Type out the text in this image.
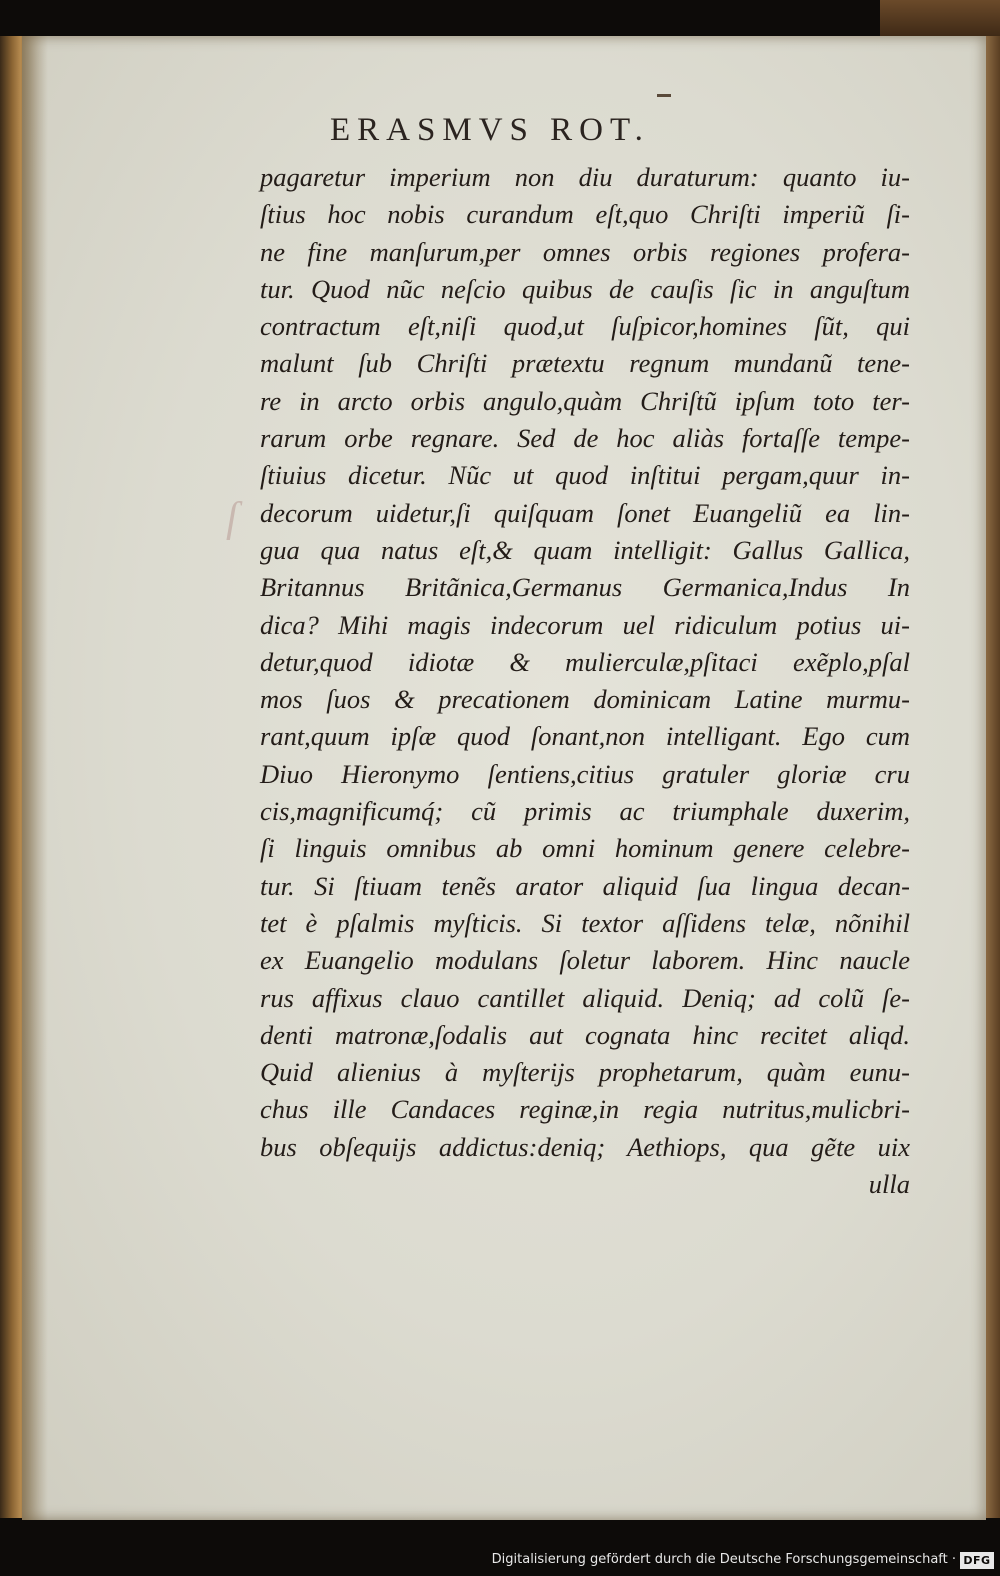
ERASMVS ROT.
ſ
pagaretur imperium non diu duraturum: quanto iu-
ſtius hoc nobis curandum eſt,quo Chriſti imperiũ ſi-
ne fine manſurum,per omnes orbis regiones profera-
tur. Quod nũc neſcio quibus de cauſis ſic in anguſtum
contractum eſt,niſi quod,ut ſuſpicor,homines ſũt, qui
malunt ſub Chriſti prætextu regnum mundanũ tene-
re in arcto orbis angulo,quàm Chriſtũ ipſum toto ter-
rarum orbe regnare. Sed de hoc aliàs fortaſſe tempe-
ſtiuius dicetur. Nũc ut quod inſtitui pergam,quur in-
decorum uidetur,ſi quiſquam ſonet Euangeliũ ea lin-
gua qua natus eſt,& quam intelligit: Gallus Gallica,
Britannus Britãnica,Germanus Germanica,Indus In
dica? Mihi magis indecorum uel ridiculum potius ui-
detur,quod idiotæ & mulierculæ,pſitaci exẽplo,pſal
mos ſuos & precationem dominicam Latine murmu-
rant,quum ipſæ quod ſonant,non intelligant. Ego cum
Diuo Hieronymo ſentiens,citius gratuler gloriæ cru
cis,magnificumq́; cũ primis ac triumphale duxerim,
ſi linguis omnibus ab omni hominum genere celebre-
tur. Si ſtiuam tenẽs arator aliquid ſua lingua decan-
tet è pſalmis myſticis. Si textor aſſidens telæ, nõnihil
ex Euangelio modulans ſoletur laborem. Hinc naucle
rus affixus clauo cantillet aliquid. Deniq; ad colũ ſe-
denti matronæ,ſodalis aut cognata hinc recitet aliqd.
Quid alienius à myſterijs prophetarum, quàm eunu-
chus ille Candaces reginæ,in regia nutritus,mulicbri-
bus obſequijs addictus:deniq; Aethiops, qua gẽte uix
ulla
Digitalisierung gefördert durch die Deutsche Forschungsgemeinschaft · DFG
